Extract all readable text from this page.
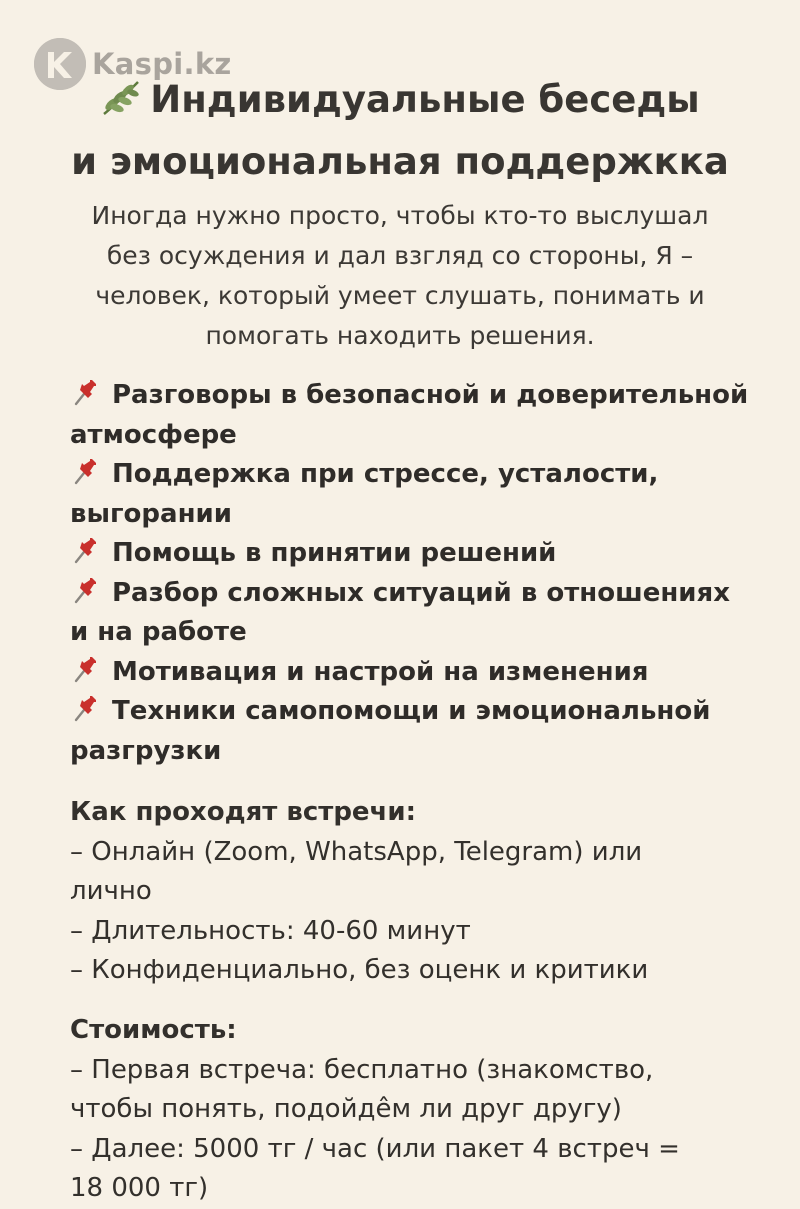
Kaspi.kz
Индивидуальные беседы
и эмоциональная поддержкка
Иногда нужно просто, чтобы кто-то выслушал
без осуждения и дал взгляд со стороны, Я –
человек, который умеет слушать, понимать и
помогать находить решения.
Разговоры в безопасной и доверительной
атмосфере
Поддержка при стрессе, усталости,
выгорании
Помощь в принятии решений
Разбор сложных ситуаций в отношениях
и на работе
Мотивация и настрой на изменения
Техники самопомощи и эмоциональной
разгрузки
Как проходят встречи:
– Онлайн (Zoom, WhatsApp, Telegram) или
лично
– Длительность: 40-60 минут
– Конфиденциально, без оценк и критики
Стоимость:
– Первая встреча: бесплатно (знакомство,
чтобы понять, подойдêм ли друг другу)
– Далее: 5000 тг / час (или пакет 4 встреч =
18 000 тг)
